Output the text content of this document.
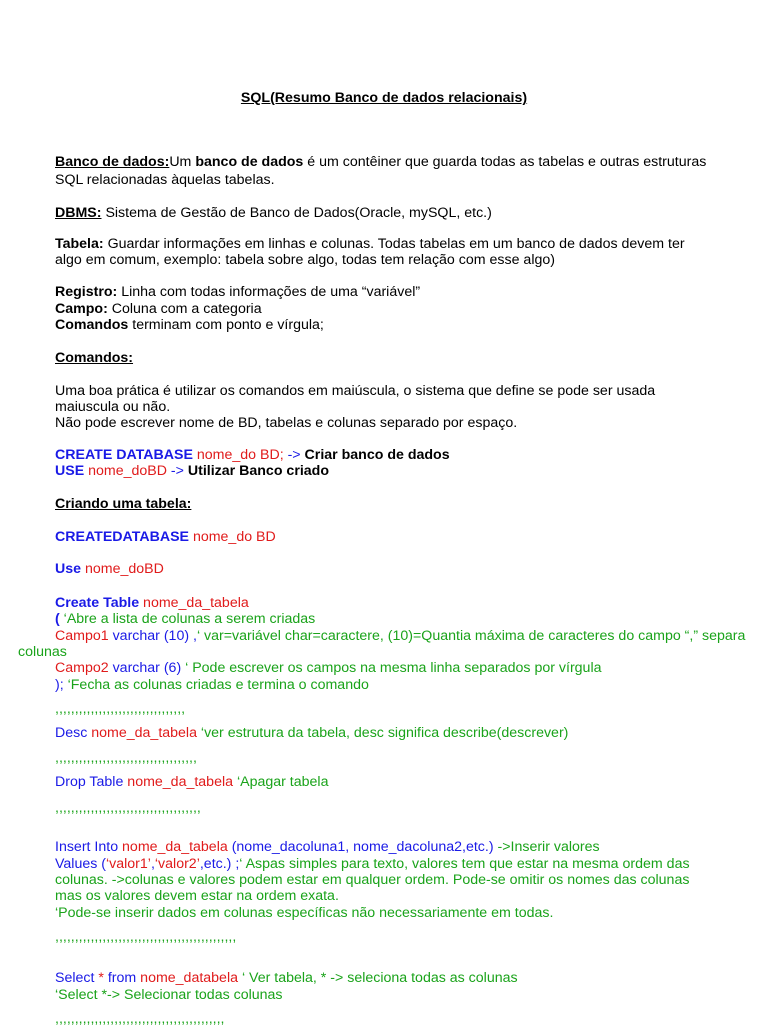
SQL(Resumo Banco de dados relacionais)
Banco de dados:Um banco de dados é um contêiner que guarda todas as tabelas e outras estruturas
SQL relacionadas àquelas tabelas.
DBMS: Sistema de Gestão de Banco de Dados(Oracle, mySQL, etc.)
Tabela: Guardar informações em linhas e colunas. Todas tabelas em um banco de dados devem ter
algo em comum, exemplo: tabela sobre algo, todas tem relação com esse algo)
Registro: Linha com todas informações de uma “variável”
Campo: Coluna com a categoria
Comandos terminam com ponto e vírgula;
Comandos:
Uma boa prática é utilizar os comandos em maiúscula, o sistema que define se pode ser usada
maiuscula ou não.
Não pode escrever nome de BD, tabelas e colunas separado por espaço.
CREATE DATABASE nome_do BD; -> Criar banco de dados
USE nome_doBD -> Utilizar Banco criado
Criando uma tabela:
CREATEDATABASE nome_do BD
Use nome_doBD
Create Table nome_da_tabela
( ‘Abre a lista de colunas a serem criadas
Campo1 varchar (10) ,‘ var=variável char=caractere, (10)=Quantia máxima de caracteres do campo “,” separa
colunas
Campo2 varchar (6) ‘ Pode escrever os campos na mesma linha separados por vírgula
); ‘Fecha as colunas criadas e termina o comando
,,,,,,,,,,,,,,,,,,,,,,,,,,,,,,,,,
Desc nome_da_tabela ‘ver estrutura da tabela, desc significa describe(descrever)
,,,,,,,,,,,,,,,,,,,,,,,,,,,,,,,,,,,,
Drop Table nome_da_tabela ‘Apagar tabela
,,,,,,,,,,,,,,,,,,,,,,,,,,,,,,,,,,,,,
Insert Into nome_da_tabela (nome_dacoluna1, nome_dacoluna2,etc.) ->Inserir valores
Values (‘valor1’,‘valor2’,etc.) ;‘ Aspas simples para texto, valores tem que estar na mesma ordem das
colunas. ->colunas e valores podem estar em qualquer ordem. Pode-se omitir os nomes das colunas
mas os valores devem estar na ordem exata.
‘Pode-se inserir dados em colunas específicas não necessariamente em todas.
,,,,,,,,,,,,,,,,,,,,,,,,,,,,,,,,,,,,,,,,,,,,,,
Select * from nome_databela ‘ Ver tabela, * -> seleciona todas as colunas
‘Select *-> Selecionar todas colunas
,,,,,,,,,,,,,,,,,,,,,,,,,,,,,,,,,,,,,,,,,,,
